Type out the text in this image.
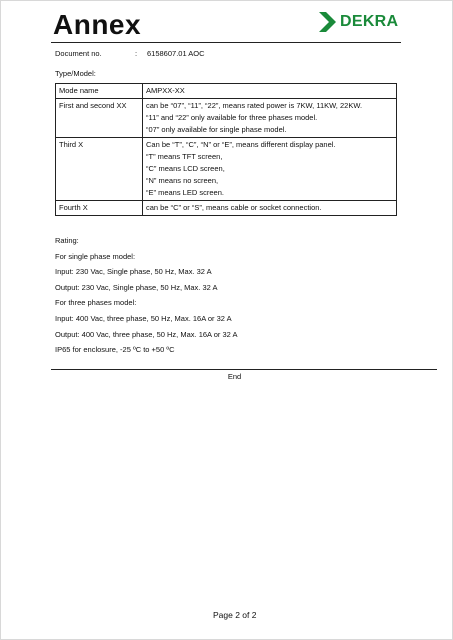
Annex	DEKRA
Document no.	: 6158607.01 AOC
Type/Model:
Mode name	AMPXX-XX

First and second XX	can be “07”, “11”, “22”, means rated power is 7KW, 11KW, 22KW.
“11” and “22” only available for three phases model.
“07” only available for single phase model.

Third X	Can be “T”, “C”, “N” or “E”, means different display panel.
“T” means TFT screen,
“C” means LCD screen,
“N” means no screen,
“E” means LED screen.

Fourth X	can be “C” or “S”, means cable or socket connection.
Rating:
For single phase model:
Input: 230 Vac, Single phase, 50 Hz, Max. 32 A
Output: 230 Vac, Single phase, 50 Hz, Max. 32 A
For three phases model:
Input: 400 Vac, three phase, 50 Hz, Max. 16A or 32 A
Output: 400 Vac, three phase, 50 Hz, Max. 16A or 32 A
IP65 for enclosure, -25 ºC to +50 ºC
End
Page 2 of 2
